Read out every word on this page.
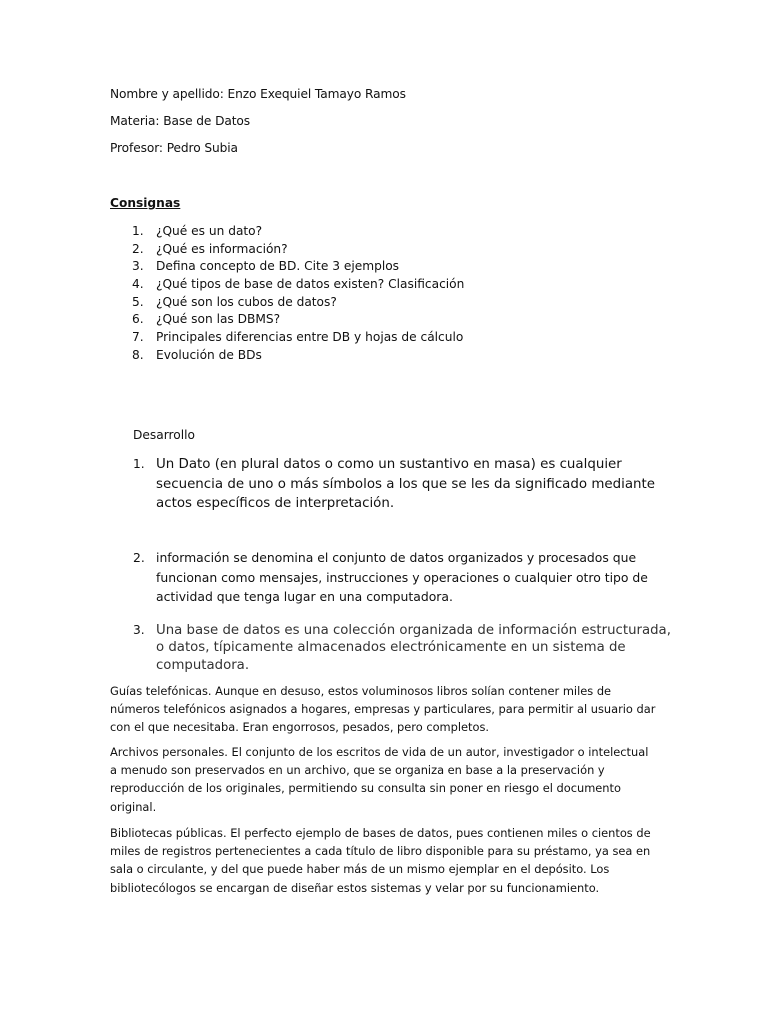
Nombre y apellido: Enzo Exequiel Tamayo Ramos

Materia: Base de Datos

Profesor: Pedro Subia

Consignas

1. ¿Qué es un dato?
2. ¿Qué es información?
3. Defina concepto de BD. Cite 3 ejemplos
4. ¿Qué tipos de base de datos existen? Clasificación
5. ¿Qué son los cubos de datos?
6. ¿Qué son las DBMS?
7. Principales diferencias entre DB y hojas de cálculo
8. Evolución de BDs

Desarrollo

1. Un Dato (en plural datos o como un sustantivo en masa) es cualquier secuencia de uno o más símbolos a los que se les da significado mediante actos específicos de interpretación.
2. información se denomina el conjunto de datos organizados y procesados que funcionan como mensajes, instrucciones y operaciones o cualquier otro tipo de actividad que tenga lugar en una computadora.
3. Una base de datos es una colección organizada de información estructurada, o datos, típicamente almacenados electrónicamente en un sistema de computadora.

Guías telefónicas. Aunque en desuso, estos voluminosos libros solían contener miles de números telefónicos asignados a hogares, empresas y particulares, para permitir al usuario dar con el que necesitaba. Eran engorrosos, pesados, pero completos.

Archivos personales. El conjunto de los escritos de vida de un autor, investigador o intelectual a menudo son preservados en un archivo, que se organiza en base a la preservación y reproducción de los originales, permitiendo su consulta sin poner en riesgo el documento original.

Bibliotecas públicas. El perfecto ejemplo de bases de datos, pues contienen miles o cientos de miles de registros pertenecientes a cada título de libro disponible para su préstamo, ya sea en sala o circulante, y del que puede haber más de un mismo ejemplar en el depósito. Los bibliotecólogos se encargan de diseñar estos sistemas y velar por su funcionamiento.
